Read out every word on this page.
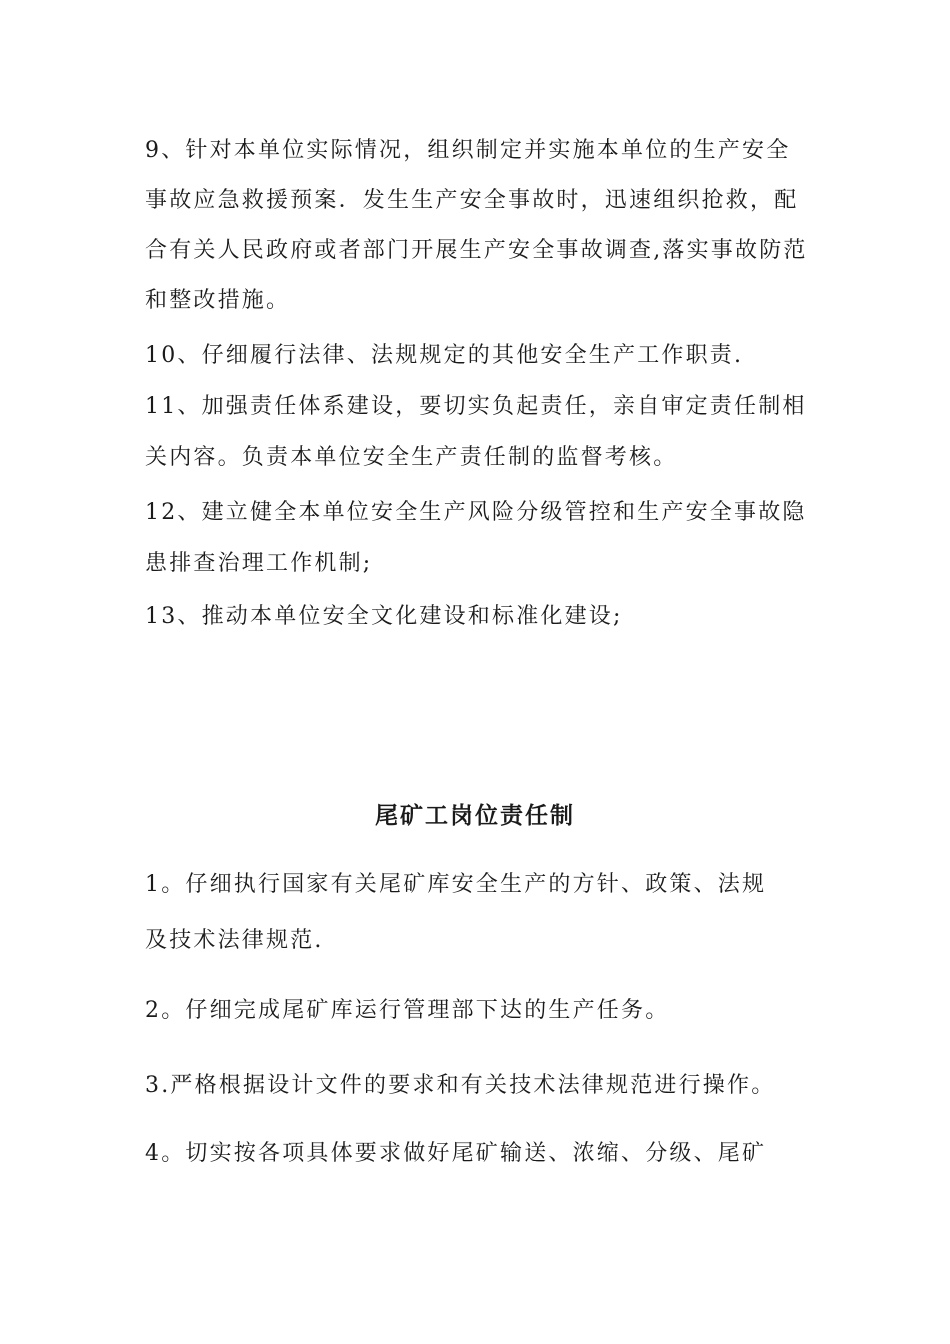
9、针对本单位实际情况，组织制定并实施本单位的生产安全
事故应急救援预案．发生生产安全事故时，迅速组织抢救，配
合有关人民政府或者部门开展生产安全事故调查,落实事故防范
和整改措施。
10、仔细履行法律、法规规定的其他安全生产工作职责.
11、加强责任体系建设，要切实负起责任，亲自审定责任制相
关内容。负责本单位安全生产责任制的监督考核。
12、建立健全本单位安全生产风险分级管控和生产安全事故隐
患排查治理工作机制;
13、推动本单位安全文化建设和标准化建设;
尾矿工岗位责任制
1。仔细执行国家有关尾矿库安全生产的方针、政策、法规
及技术法律规范.
2。仔细完成尾矿库运行管理部下达的生产任务。
3.严格根据设计文件的要求和有关技术法律规范进行操作。
4。切实按各项具体要求做好尾矿输送、浓缩、分级、尾矿
